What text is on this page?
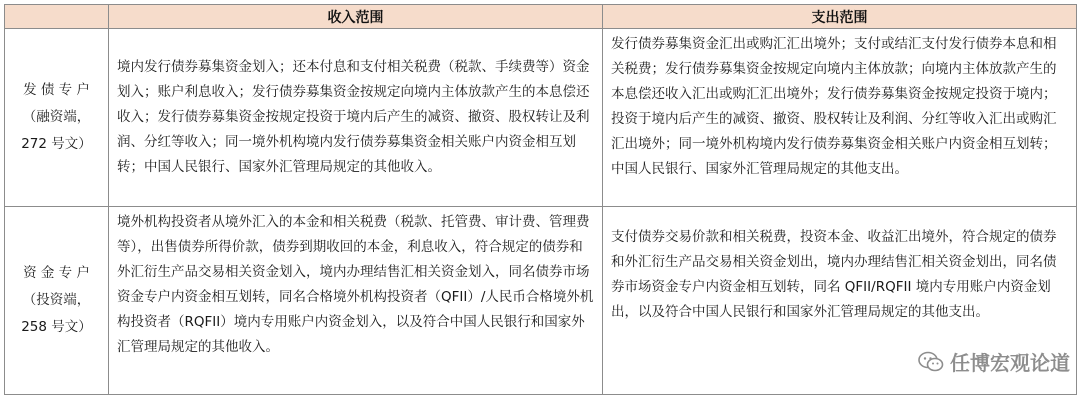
	收入范围	支出范围
发 债 专 户
（融资端，
272 号文）	境内发行债券募集资金划入；还本付息和支付相关税费（税款、手续费等）资金划入；账户利息收入；发行债券募集资金按规定向境内主体放款产生的本息偿还收入；发行债券募集资金按规定投资于境内后产生的减资、撤资、股权转让及利润、分红等收入；同一境外机构境内发行债券募集资金相关账户内资金相互划转；中国人民银行、国家外汇管理局规定的其他收入。	发行债券募集资金汇出或购汇汇出境外；支付或结汇支付发行债券本息和相关税费；发行债券募集资金按规定向境内主体放款；向境内主体放款产生的本息偿还收入汇出或购汇汇出境外；发行债券募集资金按规定投资于境内；投资于境内后产生的减资、撤资、股权转让及利润、分红等收入汇出或购汇汇出境外；同一境外机构境内发行债券募集资金相关账户内资金相互划转；中国人民银行、国家外汇管理局规定的其他支出。
资 金 专 户
（投资端，
258 号文）	境外机构投资者从境外汇入的本金和相关税费（税款、托管费、审计费、管理费等），出售债券所得价款，债券到期收回的本金，利息收入，符合规定的债券和外汇衍生产品交易相关资金划入，境内办理结售汇相关资金划入，同名债券市场资金专户内资金相互划转，同名合格境外机构投资者（QFII）/人民币合格境外机构投资者（RQFII）境内专用账户内资金划入，以及符合中国人民银行和国家外汇管理局规定的其他收入。	支付债券交易价款和相关税费，投资本金、收益汇出境外，符合规定的债券和外汇衍生产品交易相关资金划出，境内办理结售汇相关资金划出，同名债券市场资金专户内资金相互划转，同名 QFII/RQFII 境内专用账户内资金划出，以及符合中国人民银行和国家外汇管理局规定的其他支出。
任博宏观论道
